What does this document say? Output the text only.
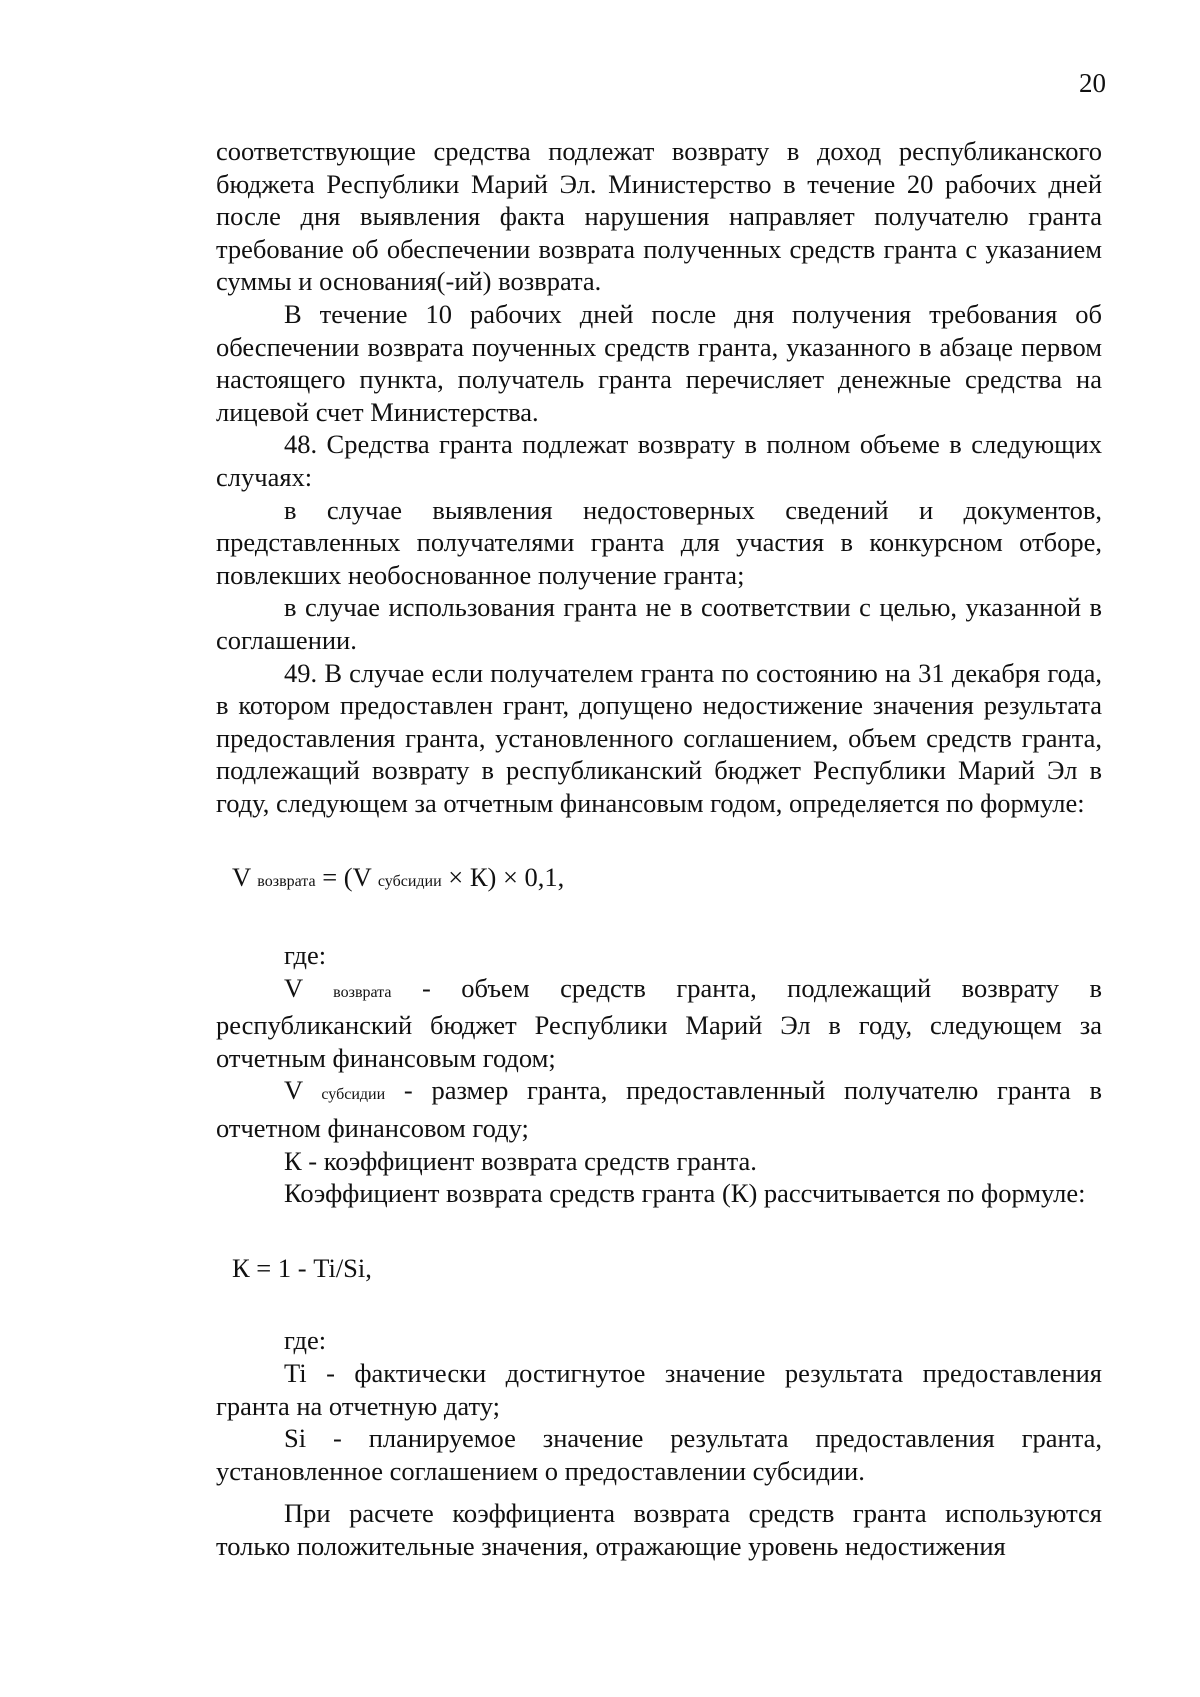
20

соответствующие средства подлежат возврату в доход республиканского бюджета Республики Марий Эл. Министерство в течение 20 рабочих дней после дня выявления факта нарушения направляет получателю гранта требование об обеспечении возврата полученных средств гранта с указанием суммы и основания(-ий) возврата.

В течение 10 рабочих дней после дня получения требования об обеспечении возврата поученных средств гранта, указанного в абзаце первом настоящего пункта, получатель гранта перечисляет денежные средства на лицевой счет Министерства.

48. Средства гранта подлежат возврату в полном объеме в следующих случаях:

в случае выявления недостоверных сведений и документов, представленных получателями гранта для участия в конкурсном отборе, повлекших необоснованное получение гранта;

в случае использования гранта не в соответствии с целью, указанной в соглашении.

49. В случае если получателем гранта по состоянию на 31 декабря года, в котором предоставлен грант, допущено недостижение значения результата предоставления гранта, установленного соглашением, объем средств гранта, подлежащий возврату в республиканский бюджет Республики Марий Эл в году, следующем за отчетным финансовым годом, определяется по формуле:

V возврата = (V субсидии × К) × 0,1,

где:

V возврата - объем средств гранта, подлежащий возврату в республиканский бюджет Республики Марий Эл в году, следующем за отчетным финансовым годом;

V субсидии - размер гранта, предоставленный получателю гранта в отчетном финансовом году;

К - коэффициент возврата средств гранта.

Коэффициент возврата средств гранта (К) рассчитывается по формуле:

К = 1 - Ti/Si,

где:

Ti - фактически достигнутое значение результата предоставления гранта на отчетную дату;

Si - планируемое значение результата предоставления гранта, установленное соглашением о предоставлении субсидии.

При расчете коэффициента возврата средств гранта используются только положительные значения, отражающие уровень недостижения
